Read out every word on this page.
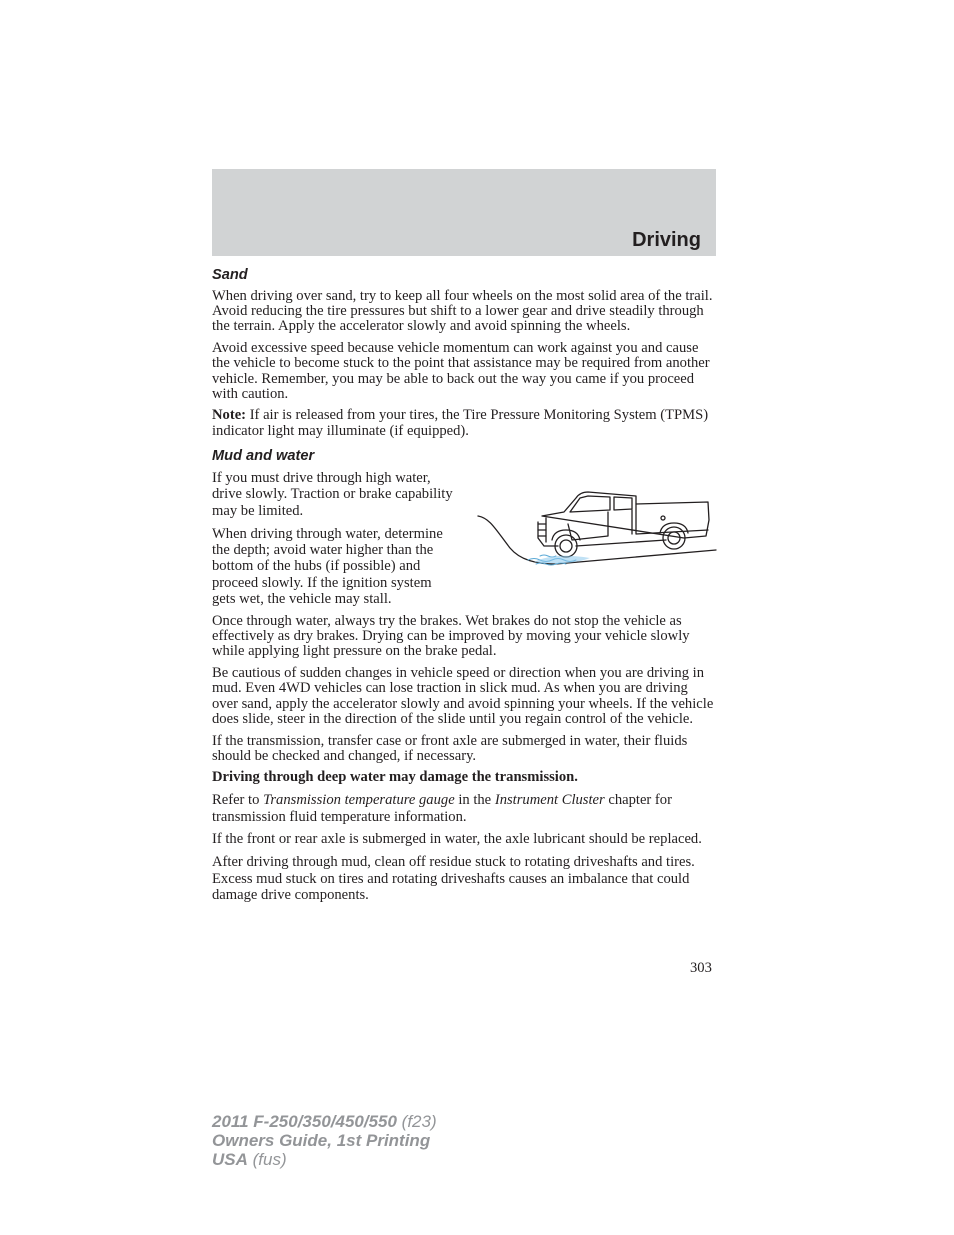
Driving
Sand

When driving over sand, try to keep all four wheels on the most solid area of the trail. Avoid reducing the tire pressures but shift to a lower gear and drive steadily through the terrain. Apply the accelerator slowly and avoid spinning the wheels.

Avoid excessive speed because vehicle momentum can work against you and cause the vehicle to become stuck to the point that assistance may be required from another vehicle. Remember, you may be able to back out the way you came if you proceed with caution.

Note: If air is released from your tires, the Tire Pressure Monitoring System (TPMS) indicator light may illuminate (if equipped).

Mud and water

If you must drive through high water, drive slowly. Traction or brake capability may be limited.

When driving through water, determine the depth; avoid water higher than the bottom of the hubs (if possible) and proceed slowly. If the ignition system gets wet, the vehicle may stall.

Once through water, always try the brakes. Wet brakes do not stop the vehicle as effectively as dry brakes. Drying can be improved by moving your vehicle slowly while applying light pressure on the brake pedal.

Be cautious of sudden changes in vehicle speed or direction when you are driving in mud. Even 4WD vehicles can lose traction in slick mud. As when you are driving over sand, apply the accelerator slowly and avoid spinning your wheels. If the vehicle does slide, steer in the direction of the slide until you regain control of the vehicle.

If the transmission, transfer case or front axle are submerged in water, their fluids should be checked and changed, if necessary.

Driving through deep water may damage the transmission.

Refer to Transmission temperature gauge in the Instrument Cluster chapter for transmission fluid temperature information.

If the front or rear axle is submerged in water, the axle lubricant should be replaced.

After driving through mud, clean off residue stuck to rotating driveshafts and tires. Excess mud stuck on tires and rotating driveshafts causes an imbalance that could damage drive components.

303
2011 F-250/350/450/550 (f23)
Owners Guide, 1st Printing
USA (fus)
